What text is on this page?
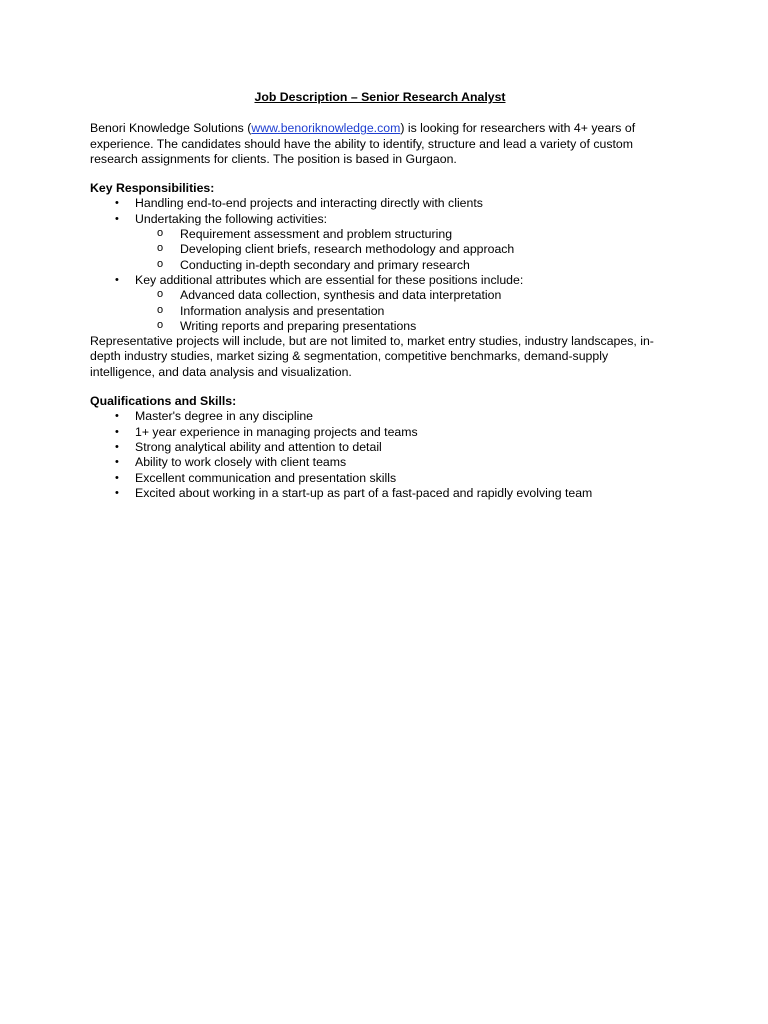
Job Description – Senior Research Analyst

Benori Knowledge Solutions (www.benoriknowledge.com) is looking for researchers with 4+ years of experience. The candidates should have the ability to identify, structure and lead a variety of custom research assignments for clients. The position is based in Gurgaon.

Key Responsibilities:

• Handling end-to-end projects and interacting directly with clients
• Undertaking the following activities:
o Requirement assessment and problem structuring
o Developing client briefs, research methodology and approach
o Conducting in-depth secondary and primary research
• Key additional attributes which are essential for these positions include:
o Advanced data collection, synthesis and data interpretation
o Information analysis and presentation
o Writing reports and preparing presentations

Representative projects will include, but are not limited to, market entry studies, industry landscapes, in-depth industry studies, market sizing & segmentation, competitive benchmarks, demand-supply intelligence, and data analysis and visualization.

Qualifications and Skills:

• Master's degree in any discipline
• 1+ year experience in managing projects and teams
• Strong analytical ability and attention to detail
• Ability to work closely with client teams
• Excellent communication and presentation skills
• Excited about working in a start-up as part of a fast-paced and rapidly evolving team
